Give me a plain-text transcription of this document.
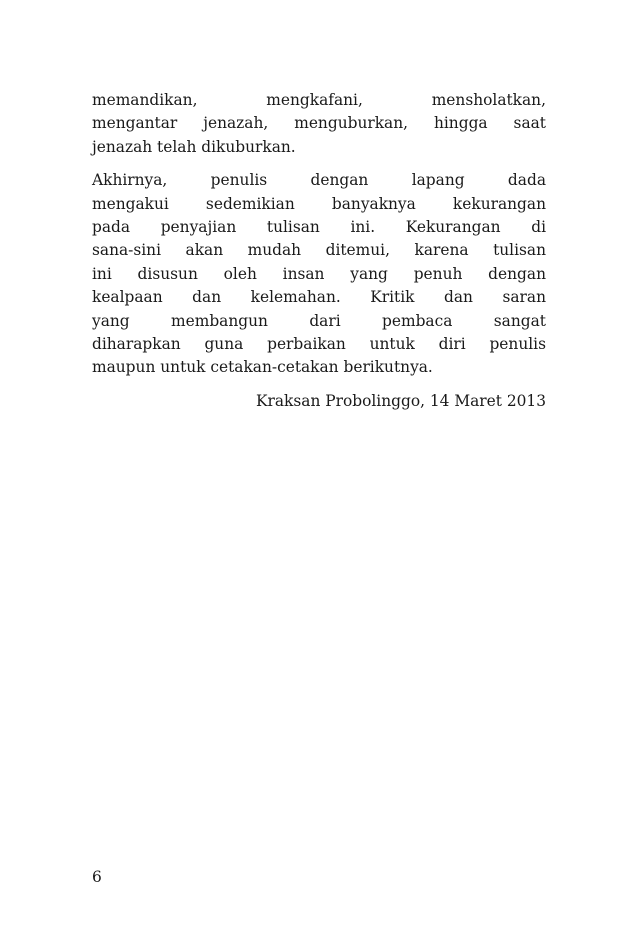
memandikan, mengkafani, mensholatkan,
mengantar jenazah, menguburkan, hingga saat
jenazah telah dikuburkan.
Akhirnya, penulis dengan lapang dada
mengakui sedemikian banyaknya kekurangan
pada penyajian tulisan ini. Kekurangan di
sana-sini akan mudah ditemui, karena tulisan
ini disusun oleh insan yang penuh dengan
kealpaan dan kelemahan. Kritik dan saran
yang membangun dari pembaca sangat
diharapkan guna perbaikan untuk diri penulis
maupun untuk cetakan-cetakan berikutnya.
Kraksan Probolinggo, 14 Maret 2013
6
